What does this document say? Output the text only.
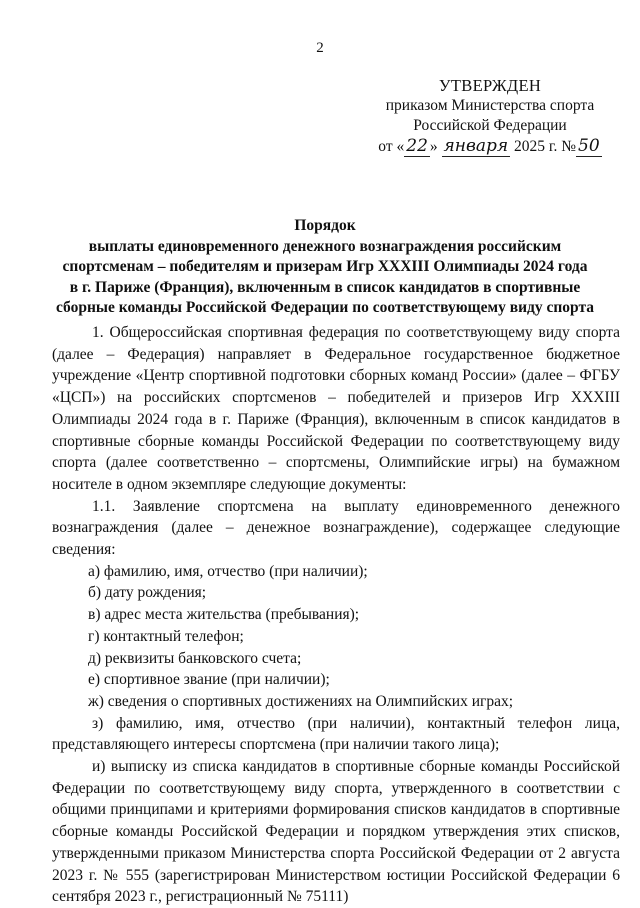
2
УТВЕРЖДЕН
приказом Министерства спорта
Российской Федерации
от « 22 » января 2025 г. № 50
Порядок
выплаты единовременного денежного вознаграждения российским
спортсменам – победителям и призерам Игр XXXIII Олимпиады 2024 года
в г. Париже (Франция), включенным в список кандидатов в спортивные
сборные команды Российской Федерации по соответствующему виду спорта

1. Общероссийская спортивная федерация по соответствующему виду спорта (далее – Федерация) направляет в Федеральное государственное бюджетное учреждение «Центр спортивной подготовки сборных команд России» (далее – ФГБУ «ЦСП») на российских спортсменов – победителей и призеров Игр XXXIII Олимпиады 2024 года в г. Париже (Франция), включенным в список кандидатов в спортивные сборные команды Российской Федерации по соответствующему виду спорта (далее соответственно – спортсмены, Олимпийские игры) на бумажном носителе в одном экземпляре следующие документы:

1.1. Заявление спортсмена на выплату единовременного денежного вознаграждения (далее – денежное вознаграждение), содержащее следующие сведения:

а) фамилию, имя, отчество (при наличии);

б) дату рождения;

в) адрес места жительства (пребывания);

г) контактный телефон;

д) реквизиты банковского счета;

е) спортивное звание (при наличии);

ж) сведения о спортивных достижениях на Олимпийских играх;

з) фамилию, имя, отчество (при наличии), контактный телефон лица, представляющего интересы спортсмена (при наличии такого лица);

и) выписку из списка кандидатов в спортивные сборные команды Российской Федерации по соответствующему виду спорта, утвержденного в соответствии с общими принципами и критериями формирования списков кандидатов в спортивные сборные команды Российской Федерации и порядком утверждения этих списков, утвержденными приказом Министерства спорта Российской Федерации от 2 августа 2023 г. № 555 (зарегистрирован Министерством юстиции Российской Федерации 6 сентября 2023 г., регистрационный № 75111)
